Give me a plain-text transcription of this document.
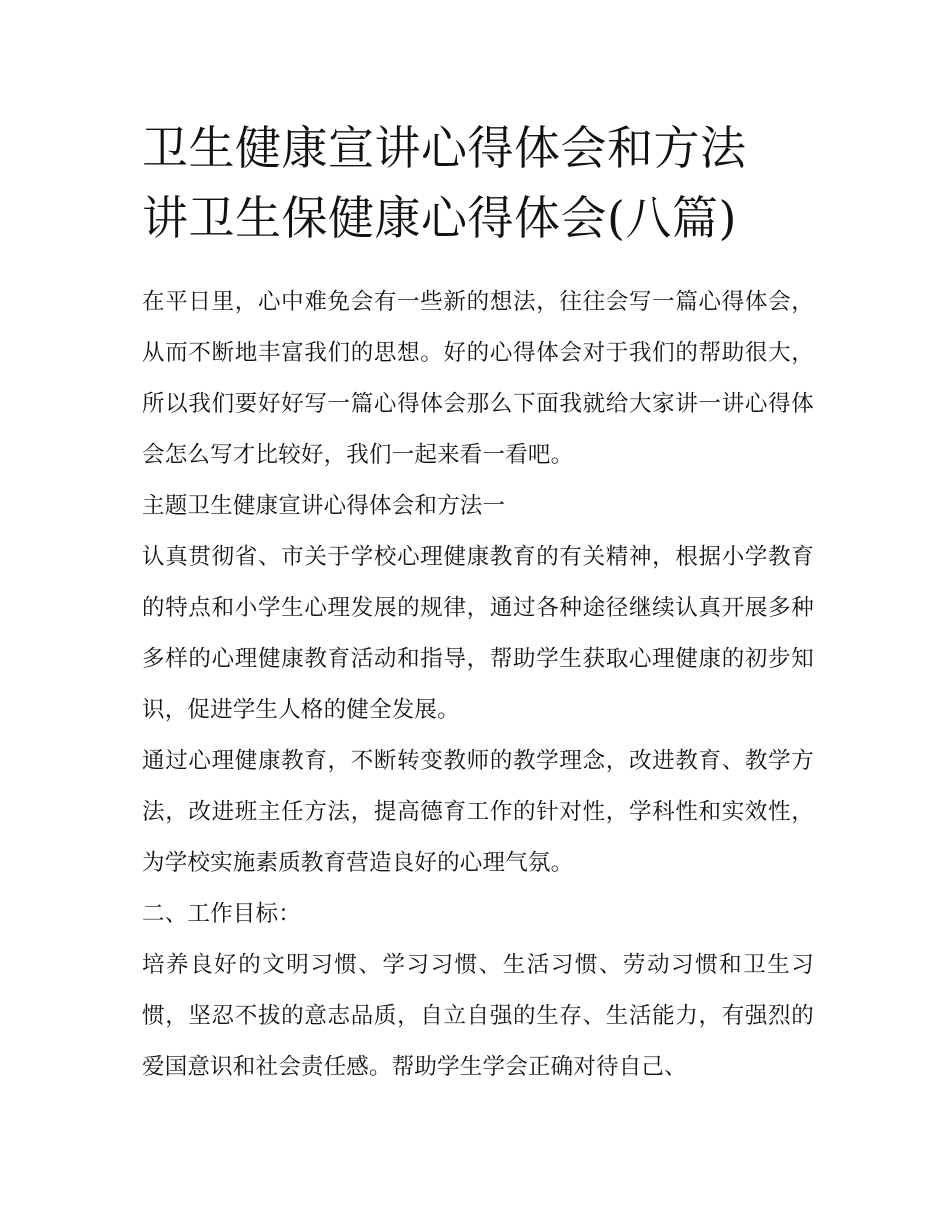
卫生健康宣讲心得体会和方法
讲卫生保健康心得体会(八篇)

在平日里，心中难免会有一些新的想法，往往会写一篇心得体会，从而不断地丰富我们的思想。好的心得体会对于我们的帮助很大，所以我们要好好写一篇心得体会那么下面我就给大家讲一讲心得体会怎么写才比较好，我们一起来看一看吧。

主题卫生健康宣讲心得体会和方法一

认真贯彻省、市关于学校心理健康教育的有关精神，根据小学教育的特点和小学生心理发展的规律，通过各种途径继续认真开展多种多样的心理健康教育活动和指导，帮助学生获取心理健康的初步知识，促进学生人格的健全发展。

通过心理健康教育，不断转变教师的教学理念，改进教育、教学方法，改进班主任方法，提高德育工作的针对性，学科性和实效性，为学校实施素质教育营造良好的心理气氛。

二、工作目标：

培养良好的文明习惯、学习习惯、生活习惯、劳动习惯和卫生习惯，坚忍不拔的意志品质，自立自强的生存、生活能力，有强烈的爱国意识和社会责任感。帮助学生学会正确对待自己、
